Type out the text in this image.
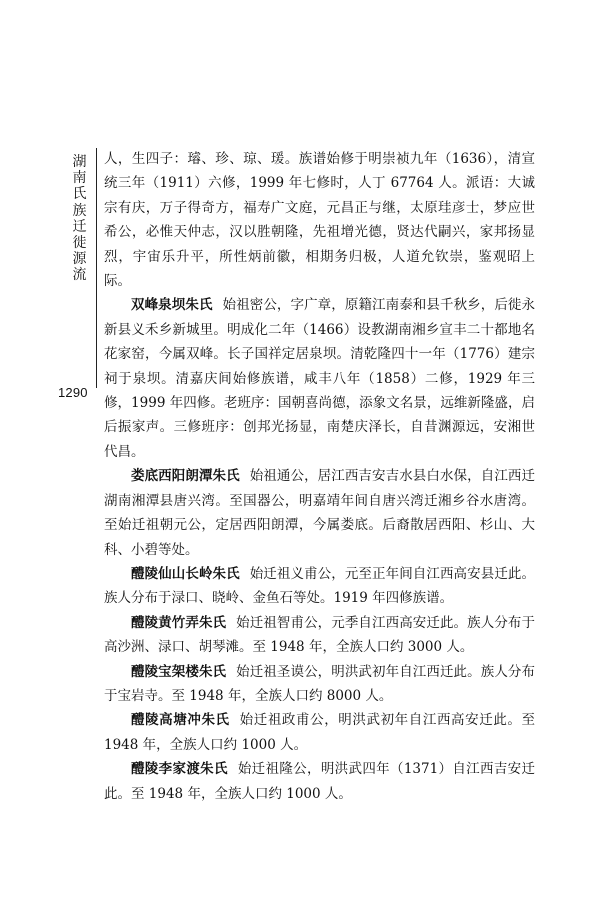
湖南氏族迁徙源流
1290

人，生四子：璿、珍、琼、瑗。族谱始修于明崇祯九年（1636），清宣统三年（1911）六修，1999 年七修时，人丁 67764 人。派语：大诚宗有庆，万子得奇方，福寿广文庭，元昌正与继，太原珪彦士，梦应世希公，必惟天仲志，汉以胜朝隆，先祖增光德，贤达代嗣兴，家邦扬显烈，宇宙乐升平，所性炳前徽，相期务归极，人道允钦崇，鉴观昭上际。

双峰泉坝朱氏 始祖密公，字广章，原籍江南泰和县千秋乡，后徙永新县义禾乡新城里。明成化二年（1466）设教湖南湘乡宣丰二十都地名花家窑，今属双峰。长子国祥定居泉坝。清乾隆四十一年（1776）建宗祠于泉坝。清嘉庆间始修族谱，咸丰八年（1858）二修，1929 年三修，1999 年四修。老班序：国朝喜尚德，添象文名景，远维新隆盛，启后振家声。三修班序：创邦光扬显，南楚庆泽长，自昔渊源远，安湘世代昌。

娄底西阳朗潭朱氏 始祖通公，居江西吉安吉水县白水保，自江西迁湖南湘潭县唐兴湾。至国器公，明嘉靖年间自唐兴湾迁湘乡谷水唐湾。至始迁祖朝元公，定居西阳朗潭，今属娄底。后裔散居西阳、杉山、大科、小碧等处。

醴陵仙山长岭朱氏 始迁祖义甫公，元至正年间自江西高安县迁此。族人分布于渌口、晓岭、金鱼石等处。1919 年四修族谱。

醴陵黄竹弄朱氏 始迁祖智甫公，元季自江西高安迁此。族人分布于高沙洲、渌口、胡琴滩。至 1948 年，全族人口约 3000 人。

醴陵宝架楼朱氏 始迁祖圣谟公，明洪武初年自江西迁此。族人分布于宝岩寺。至 1948 年，全族人口约 8000 人。

醴陵高塘冲朱氏 始迁祖政甫公，明洪武初年自江西高安迁此。至 1948 年，全族人口约 1000 人。

醴陵李家渡朱氏 始迁祖隆公，明洪武四年（1371）自江西吉安迁此。至 1948 年，全族人口约 1000 人。
